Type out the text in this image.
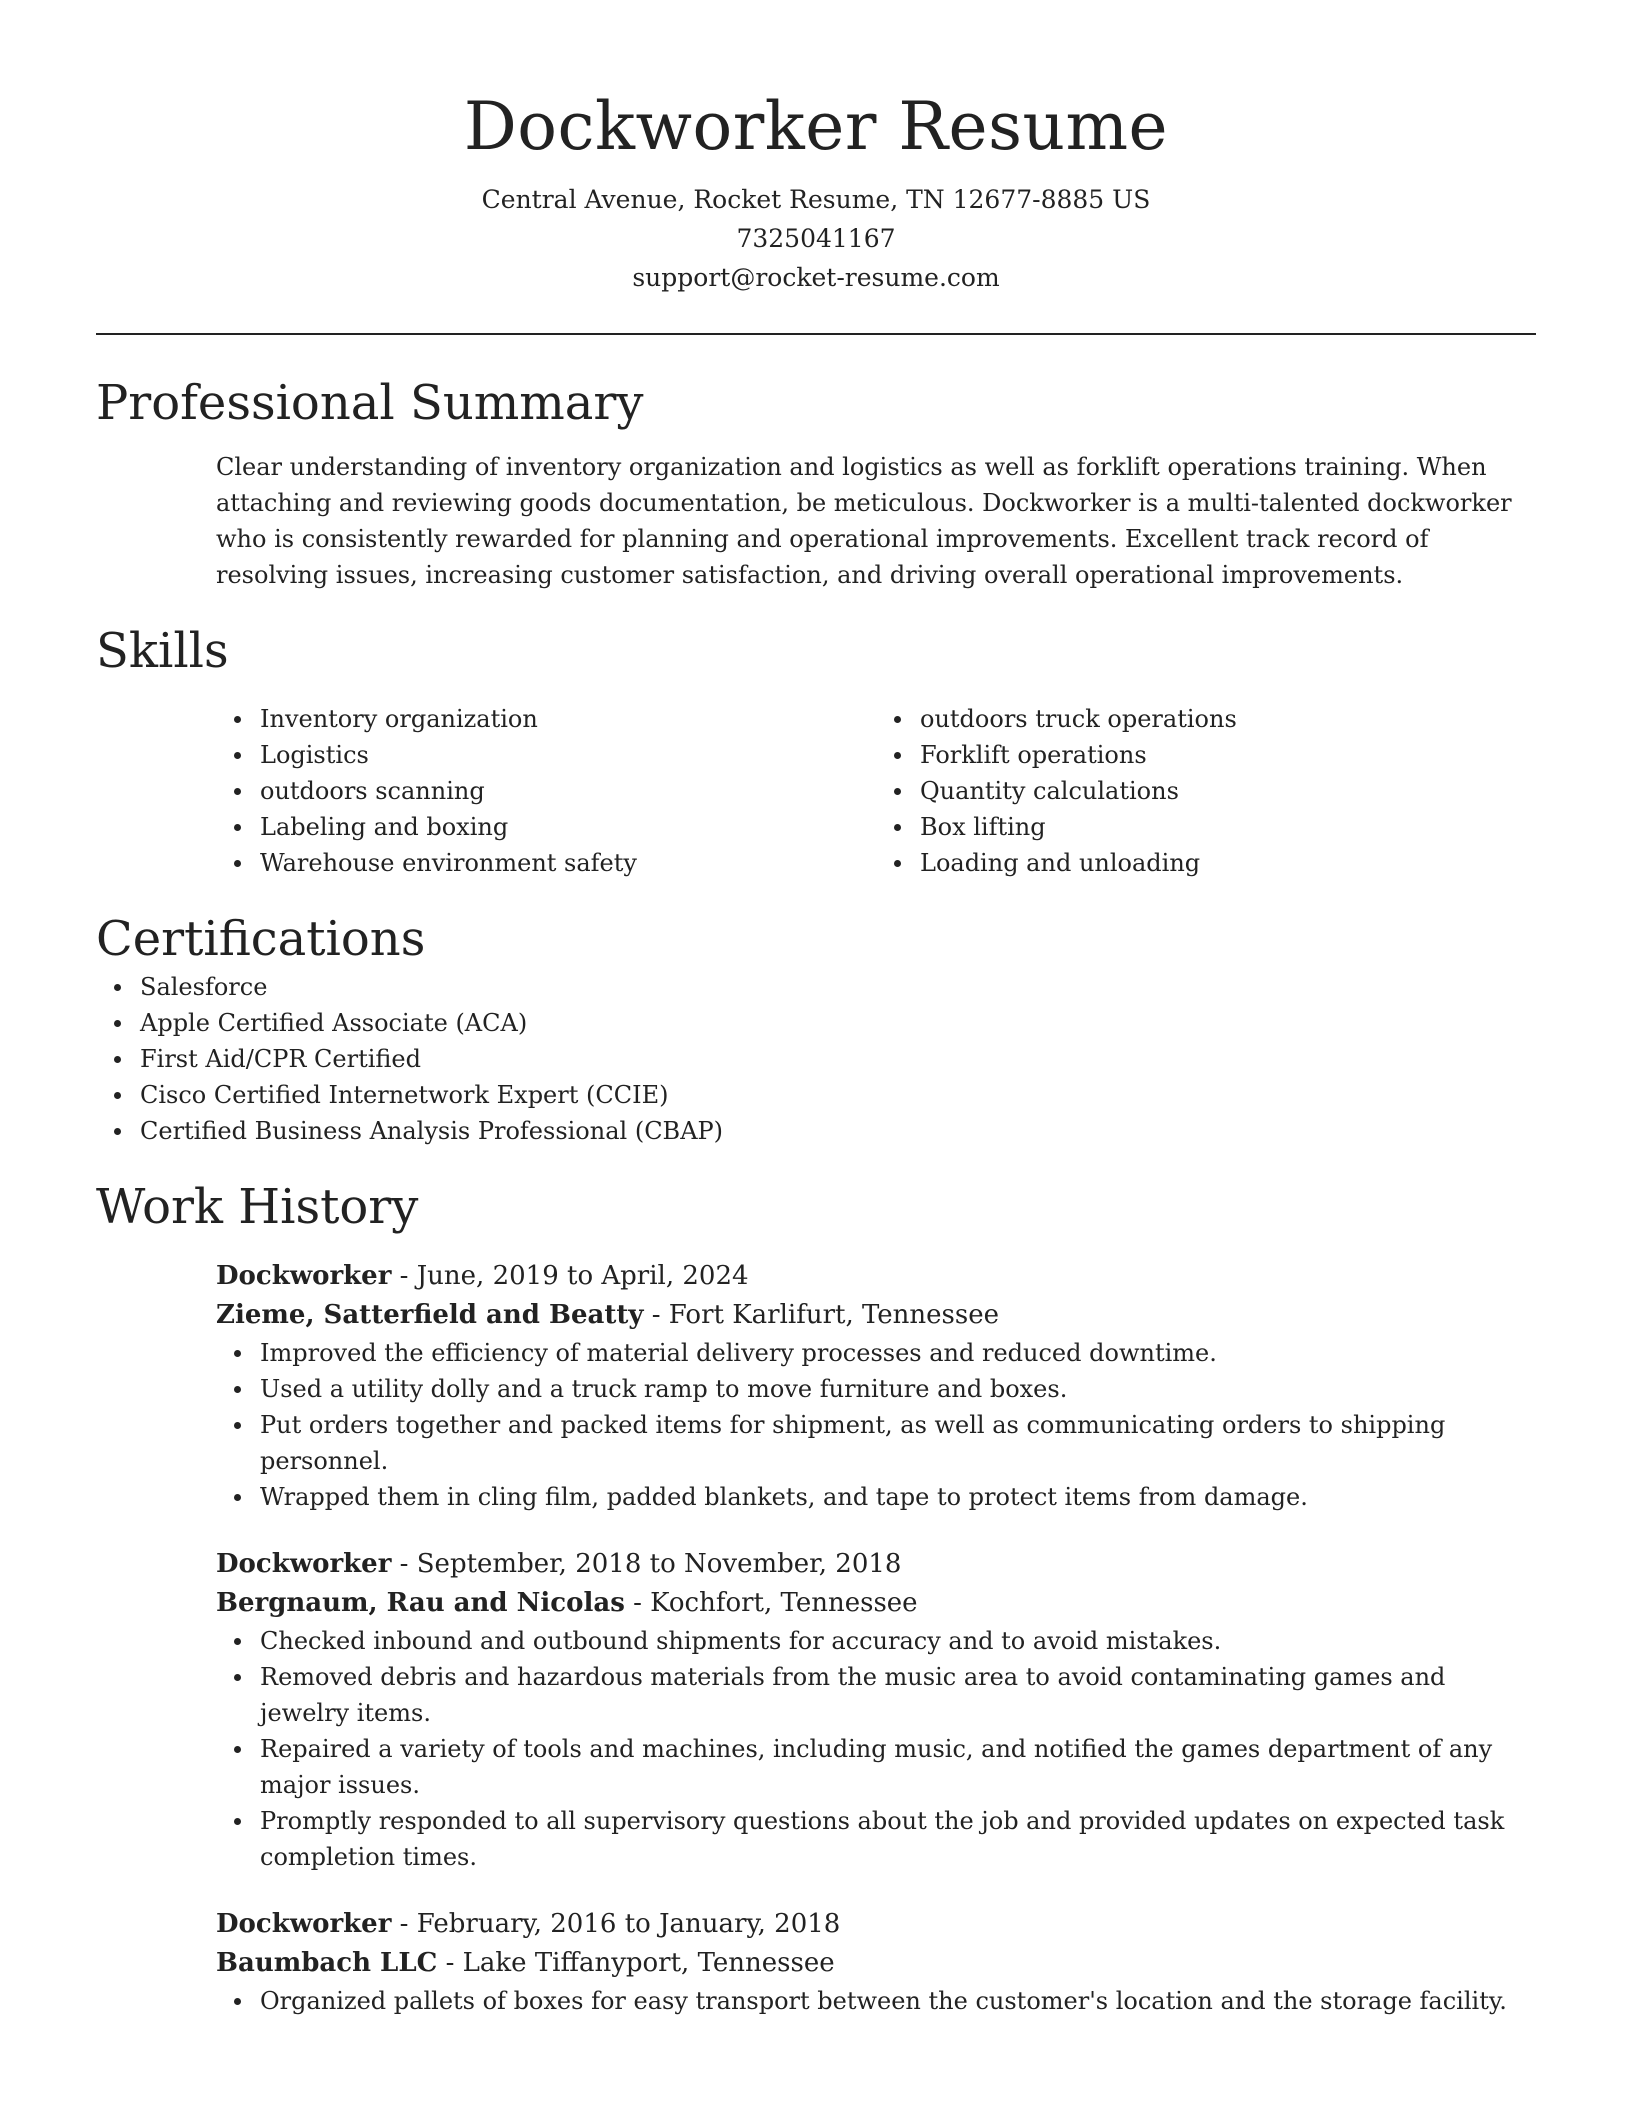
Dockworker Resume

Central Avenue, Rocket Resume, TN 12677-8885 US

7325041167

support@rocket-resume.com

Professional Summary

Clear understanding of inventory organization and logistics as well as forklift operations training. When attaching and reviewing goods documentation, be meticulous. Dockworker is a multi-talented dockworker who is consistently rewarded for planning and operational improvements. Excellent track record of resolving issues, increasing customer satisfaction, and driving overall operational improvements.

Skills
Inventory organization
Logistics
outdoors scanning
Labeling and boxing
Warehouse environment safety
outdoors truck operations
Forklift operations
Quantity calculations
Box lifting
Loading and unloading
Certifications
Salesforce
Apple Certified Associate (ACA)
First Aid/CPR Certified
Cisco Certified Internetwork Expert (CCIE)
Certified Business Analysis Professional (CBAP)
Work History

Dockworker - June, 2019 to April, 2024

Zieme, Satterfield and Beatty - Fort Karlifurt, Tennessee

Improved the efficiency of material delivery processes and reduced downtime.
Used a utility dolly and a truck ramp to move furniture and boxes.
Put orders together and packed items for shipment, as well as communicating orders to shipping personnel.
Wrapped them in cling film, padded blankets, and tape to protect items from damage.

Dockworker - September, 2018 to November, 2018

Bergnaum, Rau and Nicolas - Kochfort, Tennessee

Checked inbound and outbound shipments for accuracy and to avoid mistakes.
Removed debris and hazardous materials from the music area to avoid contaminating games and jewelry items.
Repaired a variety of tools and machines, including music, and notified the games department of any major issues.
Promptly responded to all supervisory questions about the job and provided updates on expected task completion times.

Dockworker - February, 2016 to January, 2018

Baumbach LLC - Lake Tiffanyport, Tennessee

Organized pallets of boxes for easy transport between the customer's location and the storage facility.
